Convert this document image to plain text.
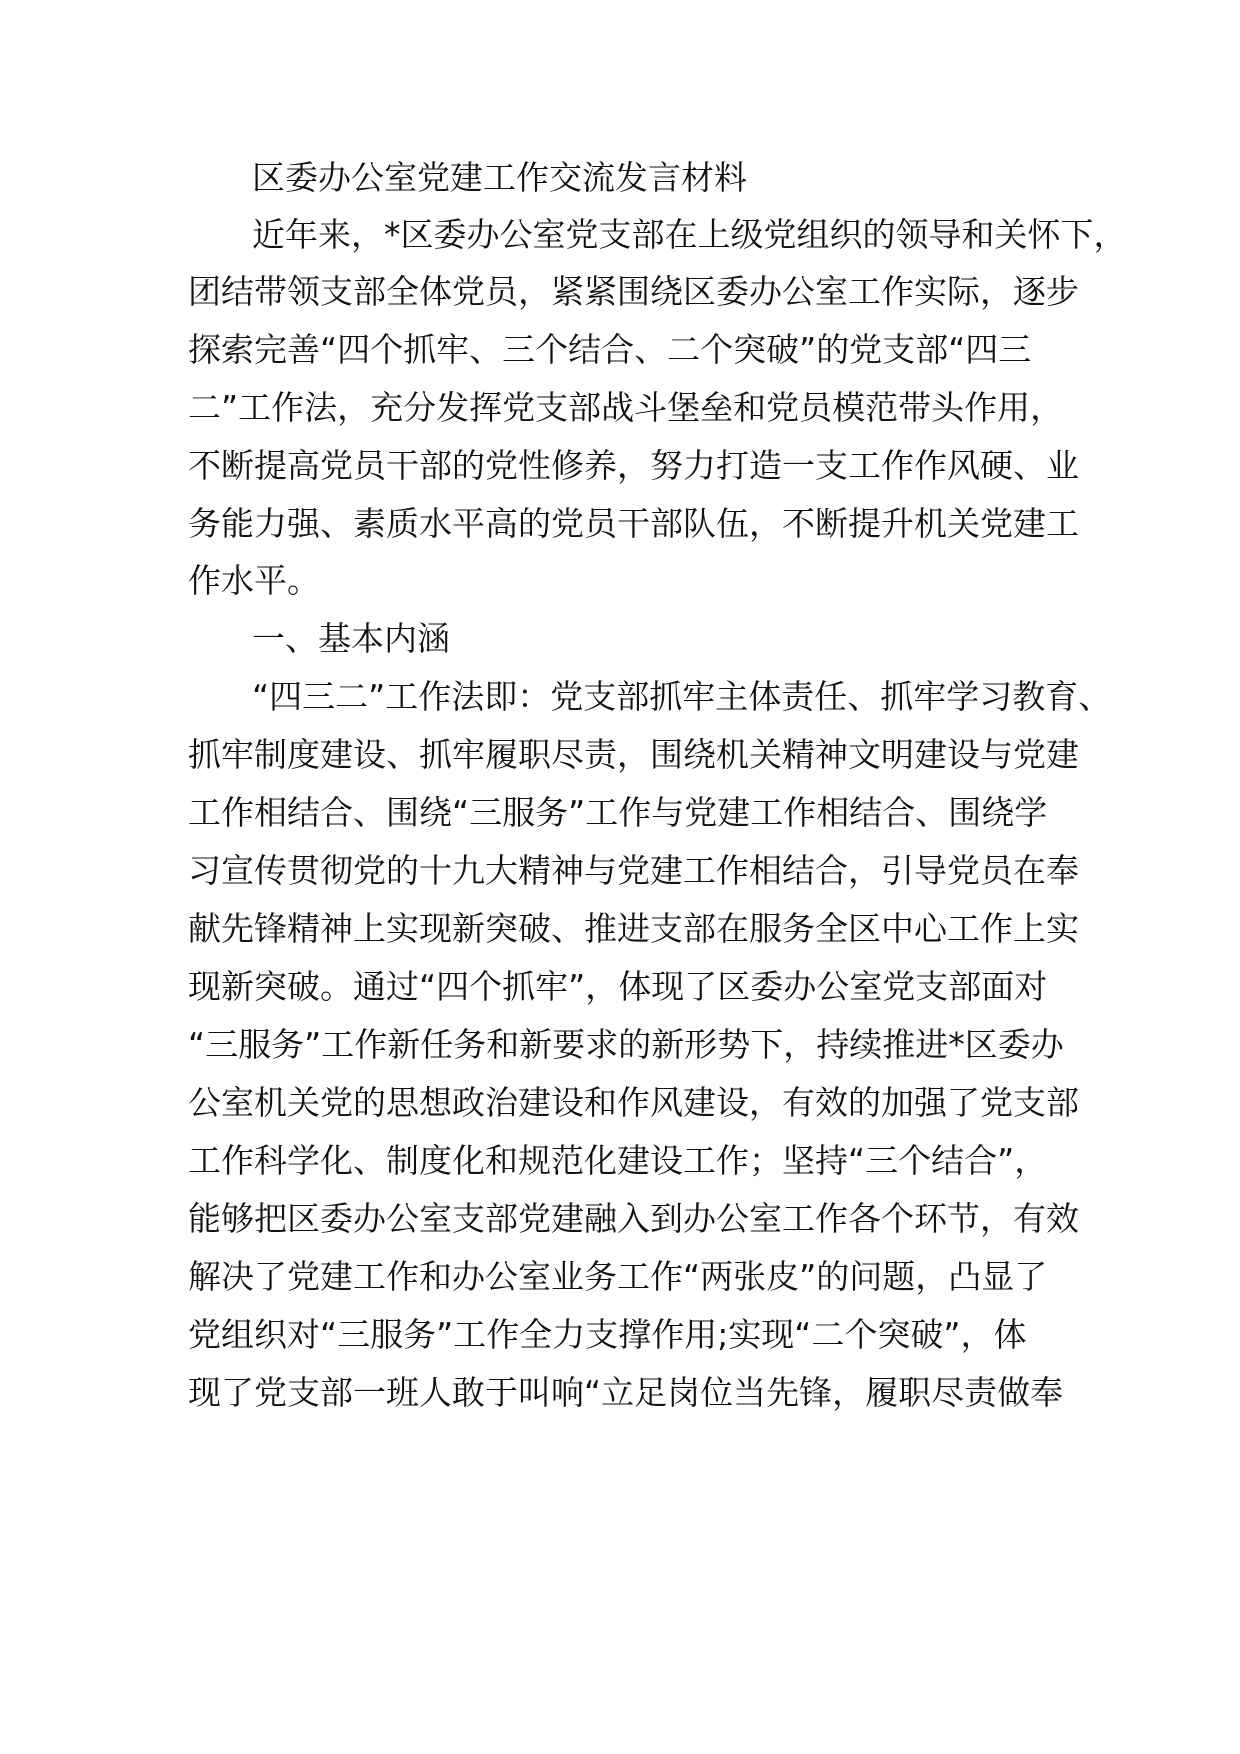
区委办公室党建工作交流发言材料
近年来，*区委办公室党支部在上级党组织的领导和关怀下，
团结带领支部全体党员，紧紧围绕区委办公室工作实际，逐步
探索完善“四个抓牢、三个结合、二个突破”的党支部“四三
二”工作法，充分发挥党支部战斗堡垒和党员模范带头作用，
不断提高党员干部的党性修养，努力打造一支工作作风硬、业
务能力强、素质水平高的党员干部队伍，不断提升机关党建工
作水平。
一、基本内涵
“四三二”工作法即：党支部抓牢主体责任、抓牢学习教育、
抓牢制度建设、抓牢履职尽责，围绕机关精神文明建设与党建
工作相结合、围绕“三服务”工作与党建工作相结合、围绕学
习宣传贯彻党的十九大精神与党建工作相结合，引导党员在奉
献先锋精神上实现新突破、推进支部在服务全区中心工作上实
现新突破。通过“四个抓牢”，体现了区委办公室党支部面对
“三服务”工作新任务和新要求的新形势下，持续推进*区委办
公室机关党的思想政治建设和作风建设，有效的加强了党支部
工作科学化、制度化和规范化建设工作；坚持“三个结合”，
能够把区委办公室支部党建融入到办公室工作各个环节，有效
解决了党建工作和办公室业务工作“两张皮”的问题，凸显了
党组织对“三服务”工作全力支撑作用;实现“二个突破”，体
现了党支部一班人敢于叫响“立足岗位当先锋，履职尽责做奉
